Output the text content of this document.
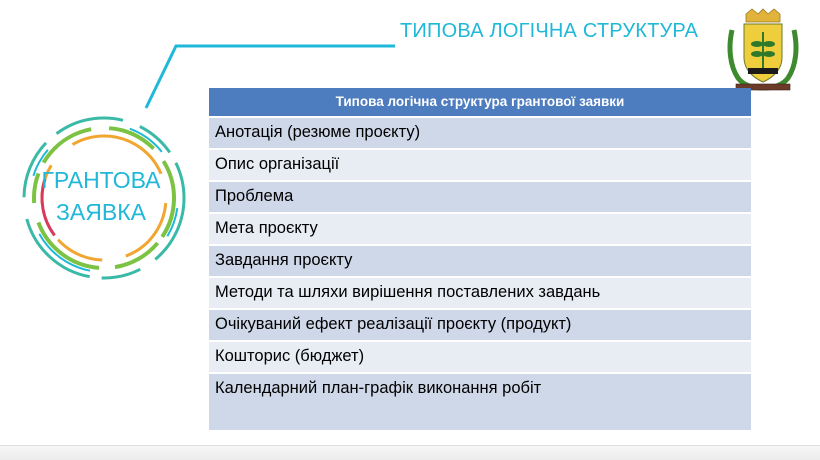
ТИПОВА ЛОГІЧНА СТРУКТУРА
ГРАНТОВА
ЗАЯВКА
Типова логічна структура грантової заявки
Анотація (резюме проєкту)
Опис організації
Проблема
Мета проєкту
Завдання проєкту
Методи та шляхи вирішення поставлених завдань
Очікуваний ефект реалізації проєкту (продукт)
Кошторис (бюджет)
Календарний план-графік виконання робіт
